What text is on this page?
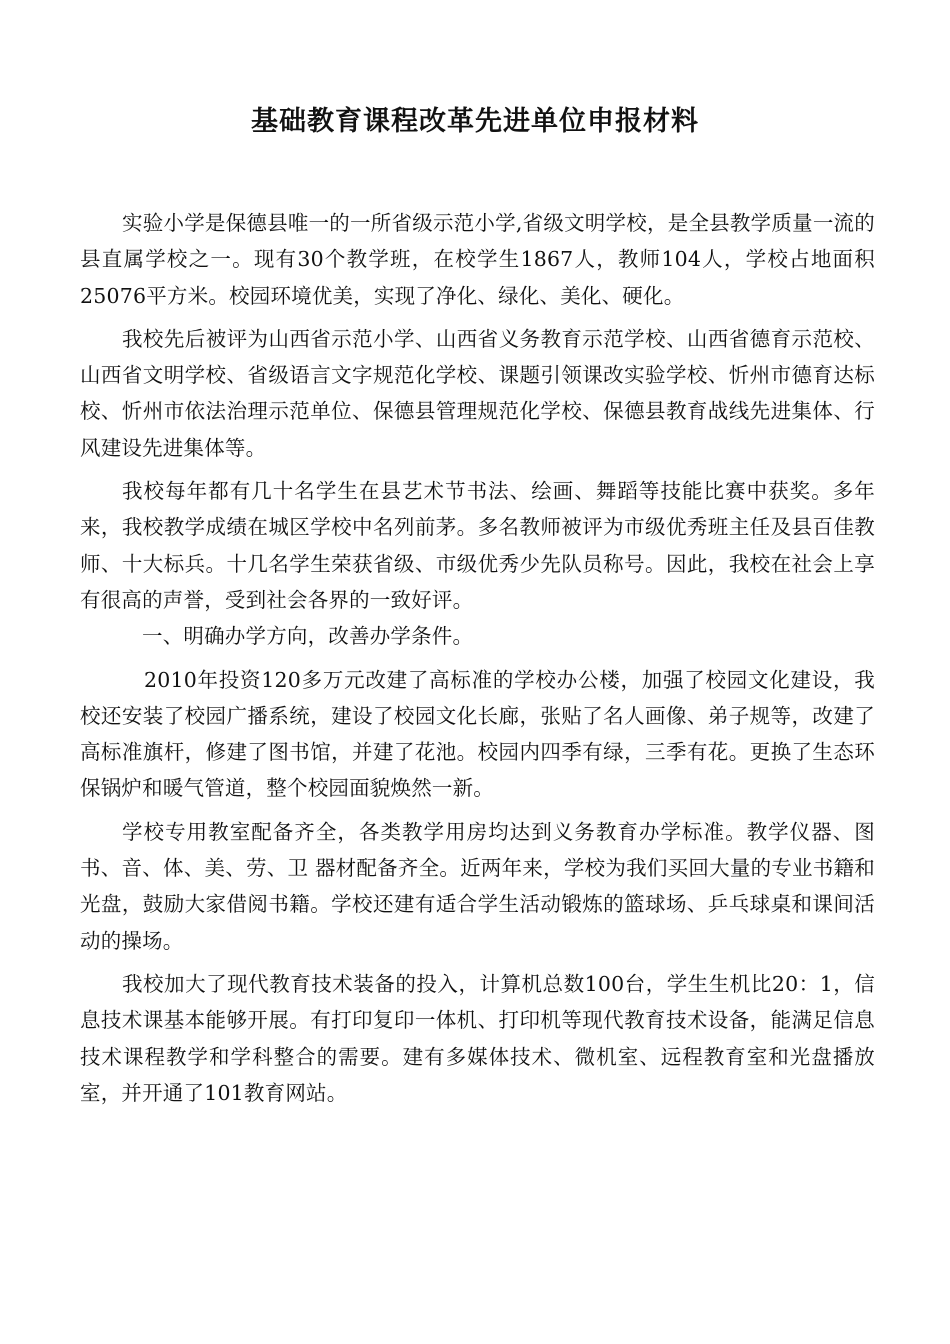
基础教育课程改革先进单位申报材料

实验小学是保德县唯一的一所省级示范小学,省级文明学校，是全县教学质量一流的县直属学校之一。现有30个教学班，在校学生1867人，教师104人，学校占地面积25076平方米。校园环境优美，实现了净化、绿化、美化、硬化。

我校先后被评为山西省示范小学、山西省义务教育示范学校、山西省德育示范校、山西省文明学校、省级语言文字规范化学校、课题引领课改实验学校、忻州市德育达标校、忻州市依法治理示范单位、保德县管理规范化学校、保德县教育战线先进集体、行风建设先进集体等。

我校每年都有几十名学生在县艺术节书法、绘画、舞蹈等技能比赛中获奖。多年来，我校教学成绩在城区学校中名列前茅。多名教师被评为市级优秀班主任及县百佳教师、十大标兵。十几名学生荣获省级、市级优秀少先队员称号。因此，我校在社会上享有很高的声誉，受到社会各界的一致好评。

一、明确办学方向，改善办学条件。

2010年投资120多万元改建了高标准的学校办公楼，加强了校园文化建设，我校还安装了校园广播系统，建设了校园文化长廊，张贴了名人画像、弟子规等，改建了高标准旗杆，修建了图书馆，并建了花池。校园内四季有绿，三季有花。更换了生态环保锅炉和暖气管道，整个校园面貌焕然一新。

学校专用教室配备齐全，各类教学用房均达到义务教育办学标准。教学仪器、图书、音、体、美、劳、卫 器材配备齐全。近两年来，学校为我们买回大量的专业书籍和光盘，鼓励大家借阅书籍。学校还建有适合学生活动锻炼的篮球场、乒乓球桌和课间活动的操场。

我校加大了现代教育技术装备的投入，计算机总数100台，学生生机比20：1，信息技术课基本能够开展。有打印复印一体机、打印机等现代教育技术设备，能满足信息技术课程教学和学科整合的需要。建有多媒体技术、微机室、远程教育室和光盘播放室，并开通了101教育网站。
